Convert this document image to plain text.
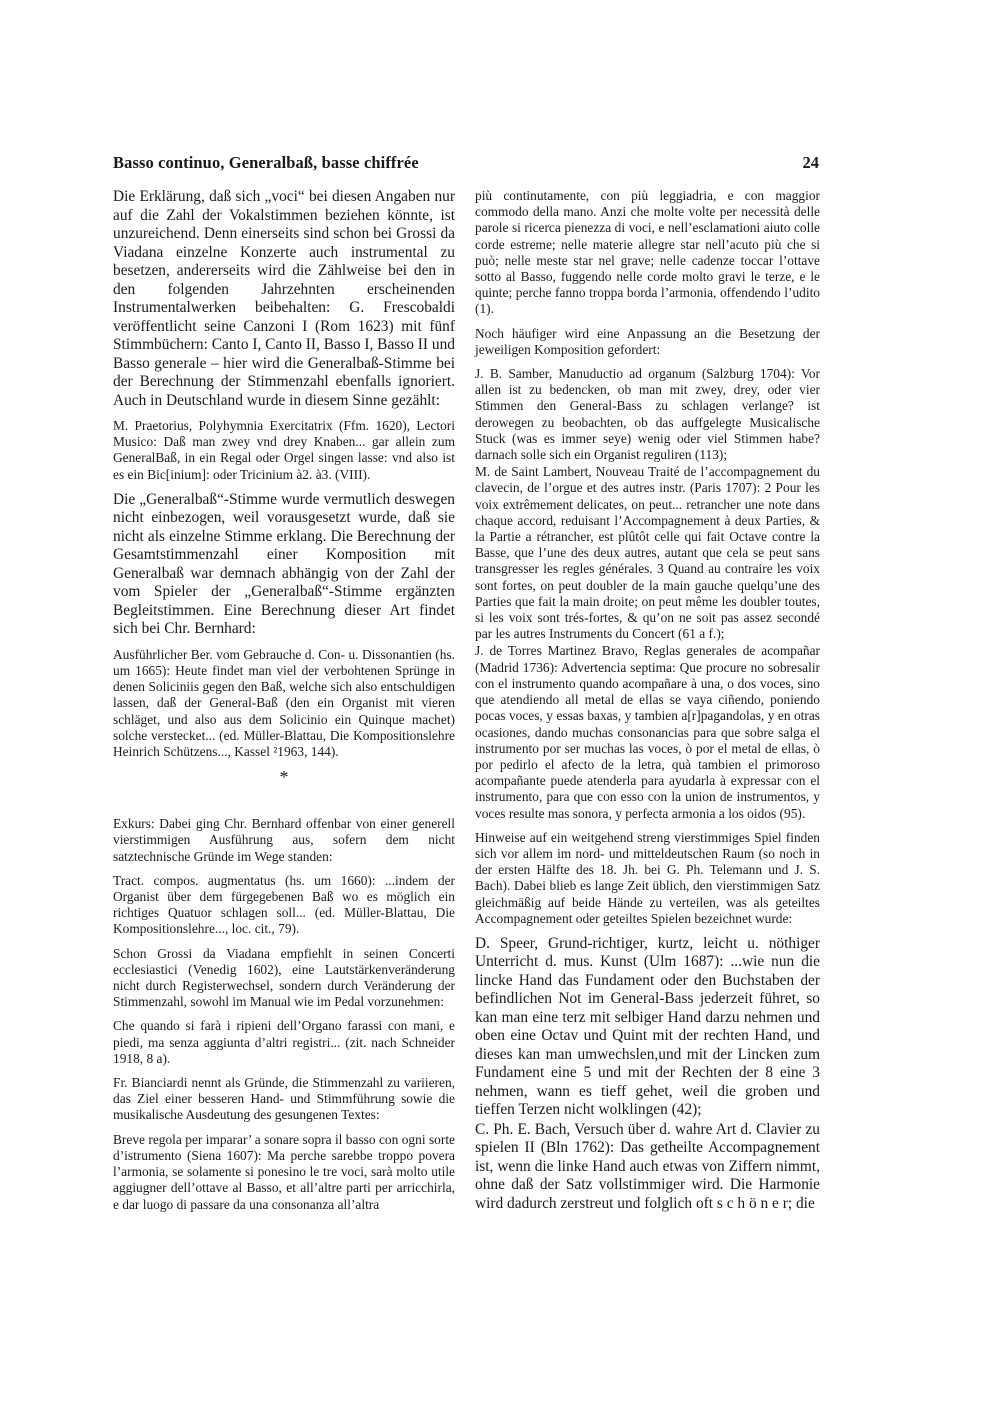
Basso continuo, Generalbaß, basse chiffrée	24

Die Erklärung, daß sich „voci“ bei diesen Angaben nur auf die Zahl der Vokalstimmen beziehen könnte, ist unzureichend. Denn einerseits sind schon bei Grossi da Viadana einzelne Konzerte auch instrumental zu besetzen, andererseits wird die Zählweise bei den in den folgenden Jahrzehnten erscheinenden Instrumentalwerken beibehalten: G. Frescobaldi veröffentlicht seine Canzoni I (Rom 1623) mit fünf Stimmbüchern: Canto I, Canto II, Basso I, Basso II und Basso generale – hier wird die Generalbaß-Stimme bei der Berechnung der Stimmenzahl ebenfalls ignoriert. Auch in Deutschland wurde in diesem Sinne gezählt:

M. Praetorius, Polyhymnia Exercitatrix (Ffm. 1620), Lectori Musico: Daß man zwey vnd drey Knaben... gar allein zum GeneralBaß, in ein Regal oder Orgel singen lasse: vnd also ist es ein Bic[inium]: oder Tricinium à2. à3. (VIII).

Die „Generalbaß“-Stimme wurde vermutlich deswegen nicht einbezogen, weil vorausgesetzt wurde, daß sie nicht als einzelne Stimme erklang. Die Berechnung der Gesamtstimmenzahl einer Komposition mit Generalbaß war demnach abhängig von der Zahl der vom Spieler der „Generalbaß“-Stimme ergänzten Begleitstimmen. Eine Berechnung dieser Art findet sich bei Chr. Bernhard:

Ausführlicher Ber. vom Gebrauche d. Con- u. Dissonantien (hs. um 1665): Heute findet man viel der verbohtenen Sprünge in denen Soliciniis gegen den Baß, welche sich also entschuldigen lassen, daß der General-Baß (den ein Organist mit vieren schläget, und also aus dem Solicinio ein Quinque machet) solche verstecket... (ed. Müller-Blattau, Die Kompositionslehre Heinrich Schützens..., Kassel ²1963, 144).

*

Exkurs: Dabei ging Chr. Bernhard offenbar von einer generell vierstimmigen Ausführung aus, sofern dem nicht satztechnische Gründe im Wege standen:

Tract. compos. augmentatus (hs. um 1660): ...indem der Organist über dem fürgegebenen Baß wo es möglich ein richtiges Quatuor schlagen soll... (ed. Müller-Blattau, Die Kompositionslehre..., loc. cit., 79).

Schon Grossi da Viadana empfiehlt in seinen Concerti ecclesiastici (Venedig 1602), eine Lautstärkenveränderung nicht durch Registerwechsel, sondern durch Veränderung der Stimmenzahl, sowohl im Manual wie im Pedal vorzunehmen:

Che quando si farà i ripieni dell’Organo farassi con mani, e piedi, ma senza aggiunta d’altri registri... (zit. nach Schneider 1918, 8 a).

Fr. Bianciardi nennt als Gründe, die Stimmenzahl zu variieren, das Ziel einer besseren Hand- und Stimmführung sowie die musikalische Ausdeutung des gesungenen Textes:

Breve regola per imparar’ a sonare sopra il basso con ogni sorte d’istrumento (Siena 1607): Ma perche sarebbe troppo povera l’armonia, se solamente si ponesino le tre voci, sarà molto utile aggiugner dell’ottave al Basso, et all’altre parti per arricchirla, e dar luogo di passare da una consonanza all’altra

più continutamente, con più leggiadria, e con maggior commodo della mano. Anzi che molte volte per necessità delle parole si ricerca pienezza di voci, e nell’esclamationi aiuto colle corde estreme; nelle materie allegre star nell’acuto più che si può; nelle meste star nel grave; nelle cadenze toccar l’ottave sotto al Basso, fuggendo nelle corde molto gravi le terze, e le quinte; perche fanno troppa borda l’armonia, offendendo l’udito (1).

Noch häufiger wird eine Anpassung an die Besetzung der jeweiligen Komposition gefordert:

J. B. Samber, Manuductio ad organum (Salzburg 1704): Vor allen ist zu bedencken, ob man mit zwey, drey, oder vier Stimmen den General-Bass zu schlagen verlange? ist derowegen zu beobachten, ob das auffgelegte Musicalische Stuck (was es immer seye) wenig oder viel Stimmen habe? darnach solle sich ein Organist reguliren (113);

M. de Saint Lambert, Nouveau Traité de l’accompagnement du clavecin, de l’orgue et des autres instr. (Paris 1707): 2 Pour les voix extrêmement delicates, on peut... retrancher une note dans chaque accord, reduisant l’Accompagnement à deux Parties, & la Partie a rétrancher, est plûtôt celle qui fait Octave contre la Basse, que l’une des deux autres, autant que cela se peut sans transgresser les regles générales. 3 Quand au contraire les voix sont fortes, on peut doubler de la main gauche quelqu’une des Parties que fait la main droite; on peut même les doubler toutes, si les voix sont trés-fortes, & qu’on ne soit pas assez secondé par les autres Instruments du Concert (61 a f.);

J. de Torres Martinez Bravo, Reglas generales de acompañar (Madrid 1736): Advertencia septima: Que procure no sobresalir con el instrumento quando acompañare à una, o dos voces, sino que atendiendo all metal de ellas se vaya ciñendo, poniendo pocas voces, y essas baxas, y tambien a[r]pagandolas, y en otras ocasiones, dando muchas consonancias para que sobre salga el instrumento por ser muchas las voces, ò por el metal de ellas, ò por pedirlo el afecto de la letra, quà tambien el primoroso acompañante puede atenderla para ayudarla à expressar con el instrumento, para que con esso con la union de instrumentos, y voces resulte mas sonora, y perfecta armonia a los oidos (95).

Hinweise auf ein weitgehend streng vierstimmiges Spiel finden sich vor allem im nord- und mitteldeutschen Raum (so noch in der ersten Hälfte des 18. Jh. bei G. Ph. Telemann und J. S. Bach). Dabei blieb es lange Zeit üblich, den vierstimmigen Satz gleichmäßig auf beide Hände zu verteilen, was als geteiltes Accompagnement oder geteiltes Spielen bezeichnet wurde:

D. Speer, Grund-richtiger, kurtz, leicht u. nöthiger Unterricht d. mus. Kunst (Ulm 1687): ...wie nun die lincke Hand das Fundament oder den Buchstaben der befindlichen Not im General-Bass jederzeit führet, so kan man eine terz mit selbiger Hand darzu nehmen und oben eine Octav und Quint mit der rechten Hand, und dieses kan man umwechslen,und mit der Lincken zum Fundament eine 5 und mit der Rechten der 8 eine 3 nehmen, wann es tieff gehet, weil die groben und tieffen Terzen nicht wolklingen (42);

C. Ph. E. Bach, Versuch über d. wahre Art d. Clavier zu spielen II (Bln 1762): Das getheilte Accompagnement ist, wenn die linke Hand auch etwas von Ziffern nimmt, ohne daß der Satz vollstimmiger wird. Die Harmonie wird dadurch zerstreut und folglich oft s c h ö n e r; die
